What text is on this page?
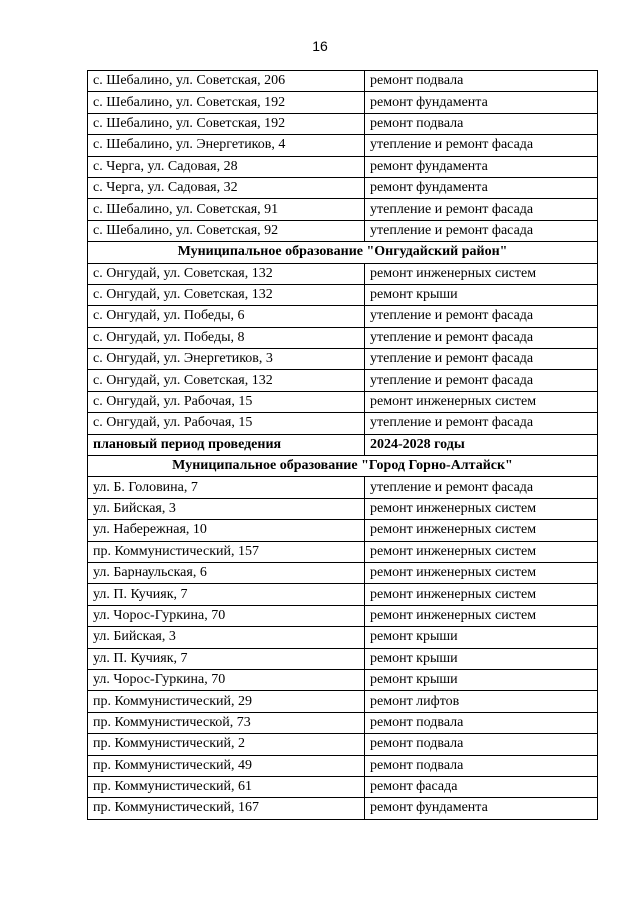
16
с. Шебалино, ул. Советская, 206	ремонт подвала
с. Шебалино, ул. Советская, 192	ремонт фундамента
с. Шебалино, ул. Советская, 192	ремонт подвала
с. Шебалино, ул. Энергетиков, 4	утепление и ремонт фасада
с. Черга, ул. Садовая, 28	ремонт фундамента
с. Черга, ул. Садовая, 32	ремонт фундамента
с. Шебалино, ул. Советская, 91	утепление и ремонт фасада
с. Шебалино, ул. Советская, 92	утепление и ремонт фасада
Муниципальное образование "Онгудайский район"	
с. Онгудай, ул. Советская, 132	ремонт инженерных систем
с. Онгудай, ул. Советская, 132	ремонт крыши
с. Онгудай, ул. Победы, 6	утепление и ремонт фасада
с. Онгудай, ул. Победы, 8	утепление и ремонт фасада
с. Онгудай, ул. Энергетиков, 3	утепление и ремонт фасада
с. Онгудай, ул. Советская, 132	утепление и ремонт фасада
с. Онгудай, ул. Рабочая, 15	ремонт инженерных систем
с. Онгудай, ул. Рабочая, 15	утепление и ремонт фасада
плановый период проведения	2024-2028 годы
Муниципальное образование "Город Горно-Алтайск"	
ул. Б. Головина, 7	утепление и ремонт фасада
ул. Бийская, 3	ремонт инженерных систем
ул. Набережная, 10	ремонт инженерных систем
пр. Коммунистический, 157	ремонт инженерных систем
ул. Барнаульская, 6	ремонт инженерных систем
ул. П. Кучияк, 7	ремонт инженерных систем
ул. Чорос-Гуркина, 70	ремонт инженерных систем
ул. Бийская, 3	ремонт крыши
ул. П. Кучияк, 7	ремонт крыши
ул. Чорос-Гуркина, 70	ремонт крыши
пр. Коммунистический, 29	ремонт лифтов
пр. Коммунистической, 73	ремонт подвала
пр. Коммунистический, 2	ремонт подвала
пр. Коммунистический, 49	ремонт подвала
пр. Коммунистический, 61	ремонт фасада
пр. Коммунистический, 167	ремонт фундамента
